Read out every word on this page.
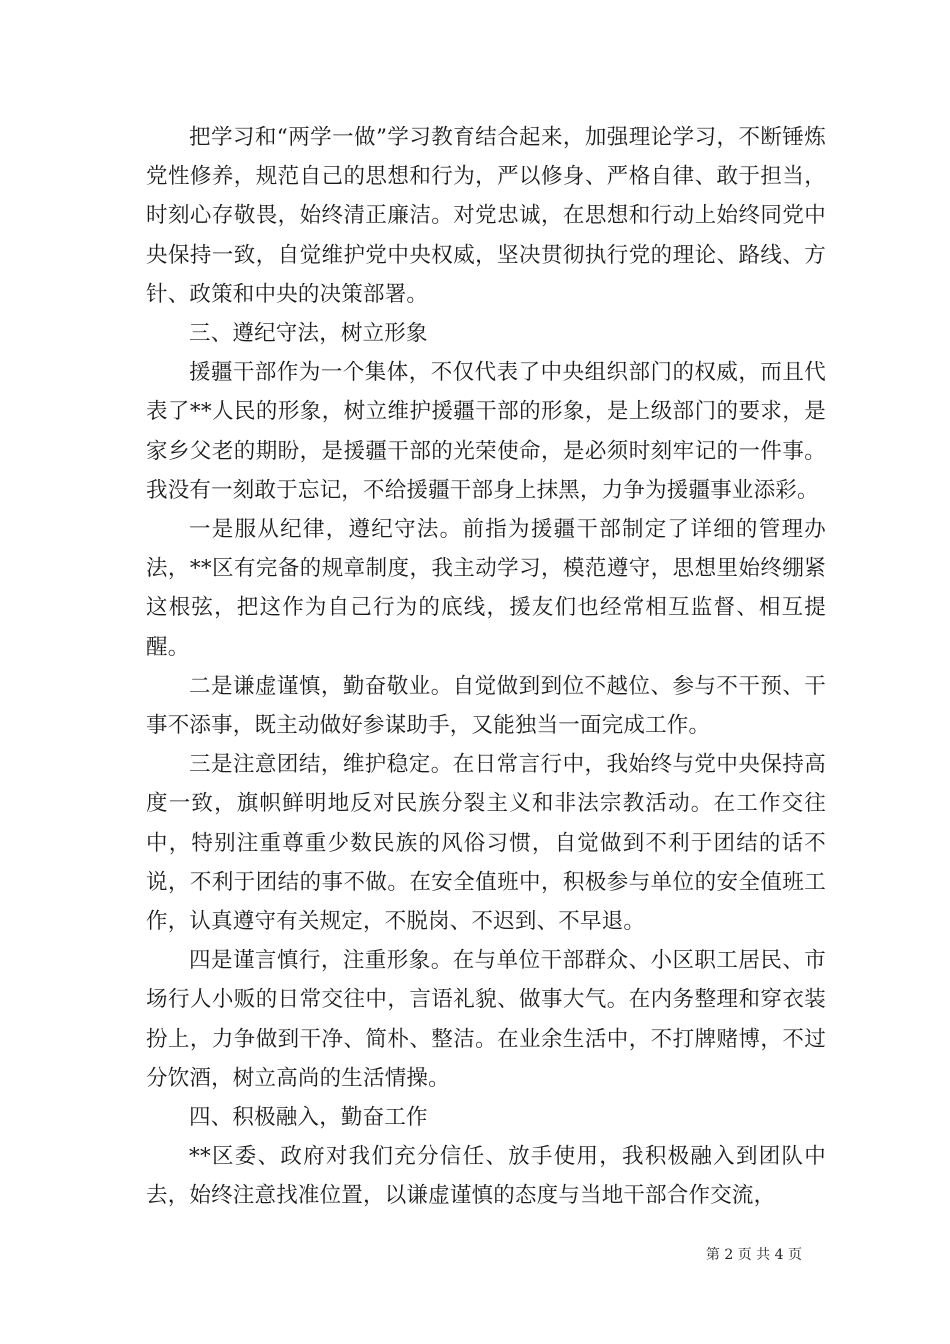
把学习和“两学一做”学习教育结合起来，加强理论学习，不断锤炼党性修养，规范自己的思想和行为，严以修身、严格自律、敢于担当，时刻心存敬畏，始终清正廉洁。对党忠诚，在思想和行动上始终同党中央保持一致，自觉维护党中央权威，坚决贯彻执行党的理论、路线、方针、政策和中央的决策部署。

三、遵纪守法，树立形象

援疆干部作为一个集体，不仅代表了中央组织部门的权威，而且代表了**人民的形象，树立维护援疆干部的形象，是上级部门的要求，是家乡父老的期盼，是援疆干部的光荣使命，是必须时刻牢记的一件事。我没有一刻敢于忘记，不给援疆干部身上抹黑，力争为援疆事业添彩。

一是服从纪律，遵纪守法。前指为援疆干部制定了详细的管理办法，**区有完备的规章制度，我主动学习，模范遵守，思想里始终绷紧这根弦，把这作为自己行为的底线，援友们也经常相互监督、相互提醒。

二是谦虚谨慎，勤奋敬业。自觉做到到位不越位、参与不干预、干事不添事，既主动做好参谋助手，又能独当一面完成工作。

三是注意团结，维护稳定。在日常言行中，我始终与党中央保持高度一致，旗帜鲜明地反对民族分裂主义和非法宗教活动。在工作交往中，特别注重尊重少数民族的风俗习惯，自觉做到不利于团结的话不说，不利于团结的事不做。在安全值班中，积极参与单位的安全值班工作，认真遵守有关规定，不脱岗、不迟到、不早退。

四是谨言慎行，注重形象。在与单位干部群众、小区职工居民、市场行人小贩的日常交往中，言语礼貌、做事大气。在内务整理和穿衣装扮上，力争做到干净、简朴、整洁。在业余生活中，不打牌赌博，不过分饮酒，树立高尚的生活情操。

四、积极融入，勤奋工作

**区委、政府对我们充分信任、放手使用，我积极融入到团队中去，始终注意找准位置，以谦虚谨慎的态度与当地干部合作交流，

第 2 页 共 4 页
